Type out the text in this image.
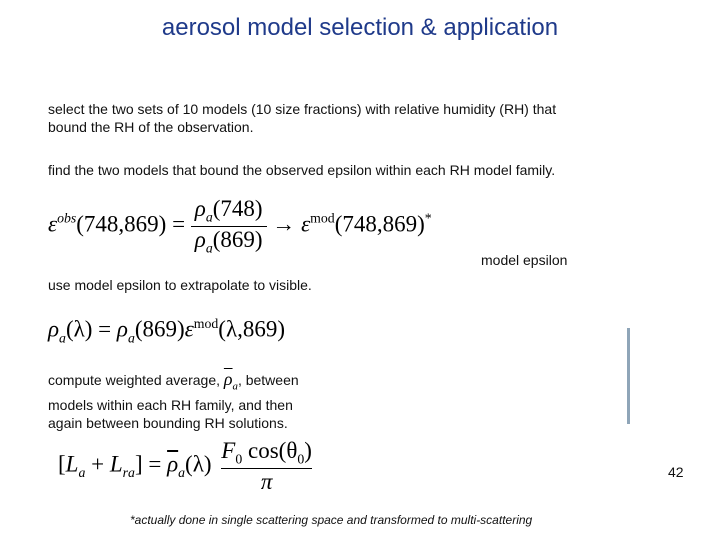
aerosol model selection & application
select the two sets of 10 models (10 size fractions) with relative humidity (RH) that
bound the RH of the observation.
find the two models that bound the observed epsilon within each RH model family.
$\varepsilon^{obs}(748,869) = \frac{\rho_a(748)}{\rho_a(869)} \to \varepsilon^{mod}(748,869)^*$
model epsilon
use model epsilon to extrapolate to visible.
$\rho_a(\lambda) = \rho_a(869)\varepsilon^{mod}(\lambda,869)$
compute weighted average, $\overline{\rho}_a$, between
models within each RH family, and then
again between bounding RH solutions.
$[L_a + L_{ra}] = \overline{\rho}_a(\lambda)$
$F_0$ $\cos(\theta_0)$
π	42
*actually done in single scattering space and transformed to multi-scattering
